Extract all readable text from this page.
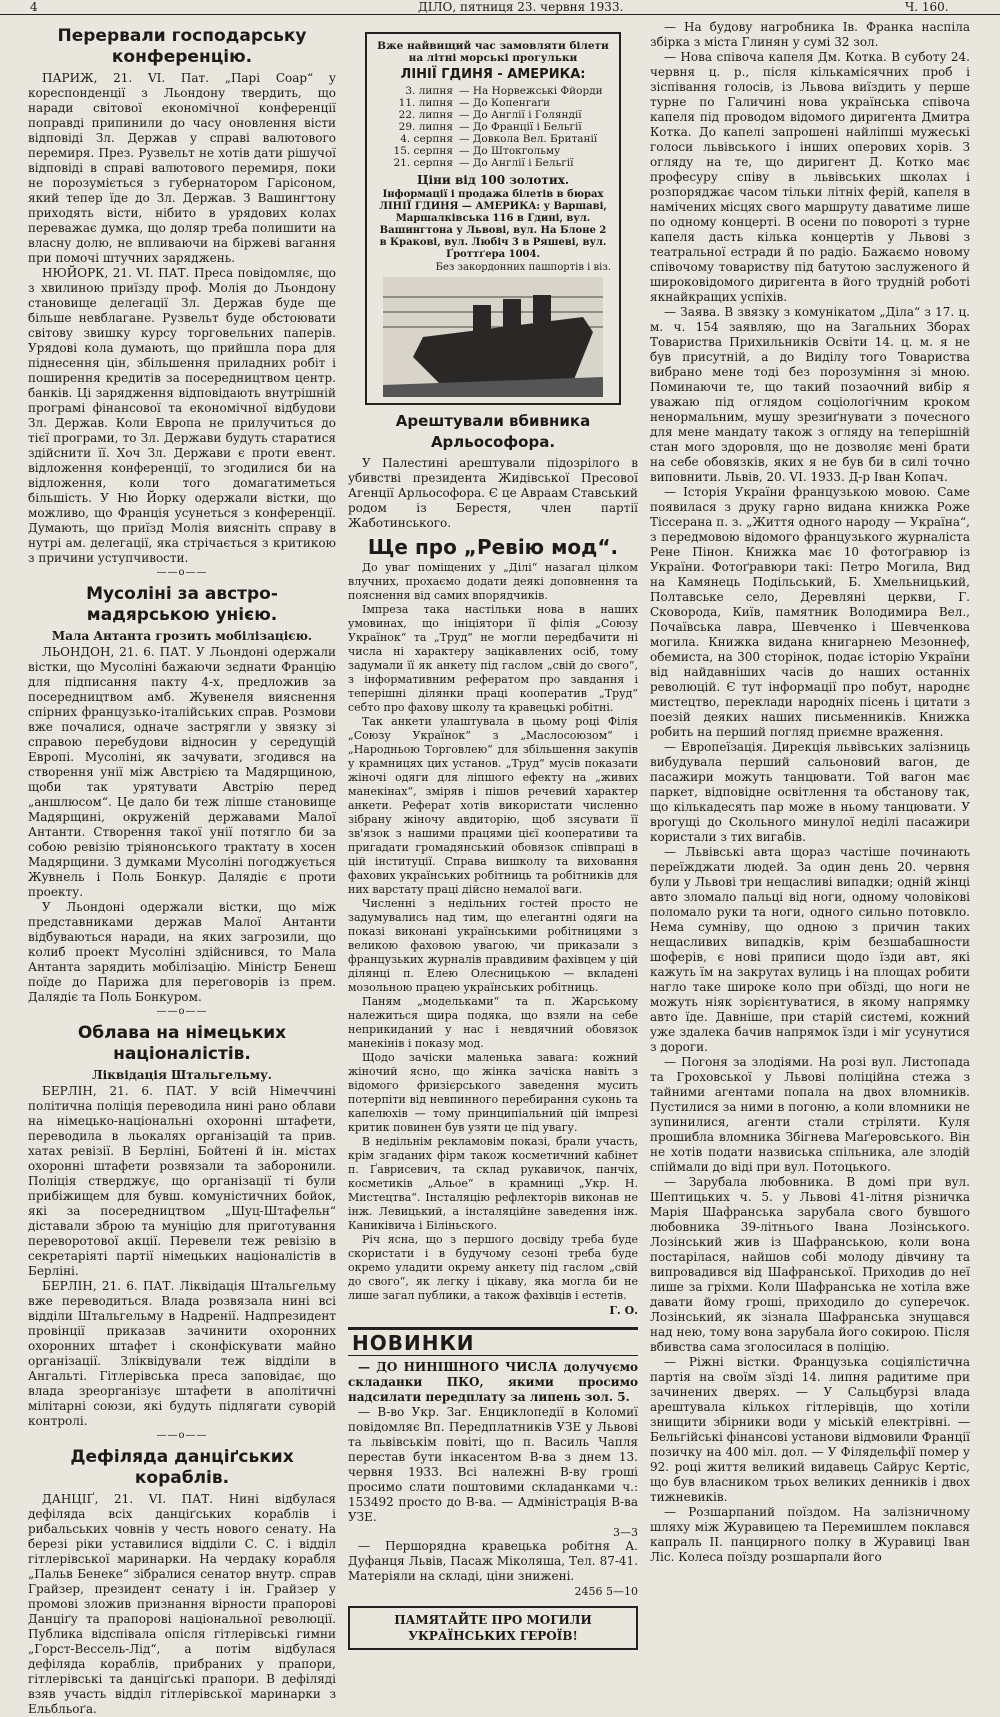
4	ДІЛО, пятниця 23. червня 1933.	Ч. 160.
Перервали господарську конференцію.

ПАРИЖ, 21. VI. Пат. „Парі Соар“ у кореспонденції з Льондону твердить, що наради світової економічної конференції поправді припинили до часу оновлення вісти відповіді Зл. Держав у справі валютового перемиря. През. Рузвельт не хотів дати рішучої відповіді в справі валютового перемиря, поки не порозуміється з губернатором Гарісоном, який тепер їде до Зл. Держав. З Вашингтону приходять вісти, нібито в урядових колах переважає думка, що доляр треба полишити на власну долю, не впливаючи на біржеві вагання при помочі штучних заряджень.

НЮЙОРК, 21. VI. ПАТ. Преса повідомляє, що з хвилиною приїзду проф. Молія до Льондону становище делегації Зл. Держав буде ще більше невблагане. Рузвельт буде обстоювати світову звишку курсу торговельних паперів. Урядові кола думають, що прийшла пора для піднесення цін, збільшення приладних робіт і поширення кредитів за посередництвом центр. банків. Ці зарядження відповідають внутрішній програмі фінансової та економічної відбудови Зл. Держав. Коли Европа не прилучиться до тієї програми, то Зл. Держави будуть старатися здійснити її. Хоч Зл. Держави є проти евент. відложення конференції, то згодилися би на відложення, коли того домагатиметься більшість. У Ню Йорку одержали вістки, що можливо, що Франція усунеться з конференції. Думають, що приїзд Молія виясніть справу в нутрі ам. делегації, яка стрічається з критикою з причини уступчивости.

——o——
Мусоліні за австро-мадярською унією.
Мала Антанта грозить мобілізацією.

ЛЬОНДОН, 21. 6. ПАТ. У Льондоні одержали вістки, що Мусоліні бажаючи зєднати Францію для підписання пакту 4-х, предложив за посередництвом амб. Жувенеля вияснення спірних французько-італійських справ. Розмови вже почалися, одначе застрягли у звязку зі справою перебудови відносин у середущій Европі. Мусоліні, як зачувати, згодився на створення унії між Австрією та Мадярщиною, щоби так урятувати Австрію перед „аншлюсом“. Це дало би теж ліпше становище Мадярщині, окруженій державами Малої Антанти. Створення такої унії потягло би за собою ревізію тріянонського трактату в хосен Мадярщини. З думками Мусоліні погоджується Жувнель і Поль Бонкур. Далядіє є проти проекту.

У Льондоні одержали вістки, що між представниками держав Малої Антанти відбуваються наради, на яких загрозили, що колиб проект Мусоліні здійснився, то Мала Антанта зарядить мобілізацію. Міністр Бенеш поїде до Парижа для переговорів із прем. Далядіє та Поль Бонкуром.

——o——
Облава на німецьких націоналістів.
Ліквідація Штальгельму.

БЕРЛІН, 21. 6. ПАТ. У всій Німеччині політична поліція переводила нині рано облави на німецько-національні охоронні штафети, переводила в льокалях організацій та прив. хатах ревізії. В Берліні, Бойтені й ін. містах охоронні штафети розвязали та заборонили. Поліція стверджує, що організації ті були прибіжищем для бувш. комуністичних бойок, які за посередництвом „Шуц-Штафельн“ діставали зброю та муніцію для приготування переворотової акції. Перевели теж ревізію в секретаріяті партії німецьких націоналістів в Берліні.

БЕРЛІН, 21. 6. ПАТ. Ліквідація Штальгельму вже переводиться. Влада розвязала нині всі відділи Штальгельму в Надренії. Надпрезидент провінції приказав зачинити охоронних охоронних штафет і сконфіскувати майно організації. Зліквідували теж відділи в Ангальті. Гітлерівська преса заповідає, що влада зреорганізує штафети в аполітичні мілітарні союзи, які будуть підлягати суворій контролі.

——o——
Дефіляда данціґських кораблів.

ДАНЦІҐ, 21. VI. ПАТ. Нині відбулася дефіляда всіх данціґських кораблів і рибальських човнів у честь нового сенату. На березі ріки уставилися відділи С. С. і відділ гітлерівської маринарки. На чердаку корабля „Пальв Бенеке“ зібралися сенатор внутр. справ Грайзер, президент сенату і ін. Грайзер у промові зложив признання вірности прапорові Данціґу та прапорові національної революції. Публика відспівала опісля гітлерівські гимни „Горст-Вессель-Лід“, а потім відбулася дефіляда кораблів, прибраних у прапори, гітлерівські та данціґські прапори. В дефіляді взяв участь відділ гітлерівської маринарки з Ельбльоґа.

Вже найвищий час замовляти білети на літні морські прогульки
ЛІНІЇ ГДИНЯ - АМЕРИКА:
3. липня — На Норвежські Фйорди
11. липня — До Копенгаґи
22. липня — До Англії і Голяндії
29. липня — До Франції і Бельгії
4. серпня — Довкола Вел. Британії
15. серпня — До Штокгольму
21. серпня — До Англії і Бельгії
Ціни від 100 золотих.
Інформації і продажа білетів в бюрах ЛІНІЇ ГДИНЯ — АМЕРИКА: у Варшаві, Маршалківська 116 в Гдині, вул. Вашингтона у Львові, вул. На Блоне 2 в Кракові, вул. Любіч 3 в Ряшеві, вул. Ґроттґера 1004.
Без закордонних пашпортів і віз.
Арештували вбивника Арльософора.

У Палестині арештували підозрілого в убивстві президента Жидівської Пресової Агенції Арльософора. Є це Авраам Ставський родом із Берестя, член партії Жаботинського.

Ще про „Ревію мод“.

До уваг поміщених у „Ділі“ назагал цілком влучних, прохаємо додати деякі доповнення та пояснення від самих впорядчиків.

Імпреза така настільки нова в наших умовинах, що ініціятори її філія „Союзу Українок“ та „Труд“ не могли передбачити ні числа ні характеру зацікавлених осіб, тому задумали її як анкету під гаслом „свій до свого“, з інформативним рефератом про завдання і теперішні ділянки праці кооператив „Труд“ себто про фахову школу та кравецькі робітні.

Так анкети улаштувала в цьому році Філія „Союзу Українок“ з „Маслосоюзом“ і „Народньою Торговлею“ для збільшення закупів у крамницях цих установ. „Труд“ мусів показати жіночі одяги для ліпшого ефекту на „живих манекінах“, зміряв і пішов речевий характер анкети. Реферат хотів використати численно зібрану жіночу авдиторію, щоб зясувати її зв'язок з нашими працями цієї кооперативи та пригадати громадянський обовязок співпраці в цій інституції. Справа вишколу та виховання фахових українських робітниць та робітників для них варстату праці дійсно немалої ваги.

Численні з недільних гостей просто не задумувались над тим, що елегантні одяги на показі виконані українськими робітницями з великою фаховою увагою, чи приказали з французьких журналів правдивим фахівцем у цій ділянці п. Елею Олесницькою — вкладені мозольною працею українських робітниць.

Паням „модельками“ та п. Жарському належиться щира подяка, що взяли на себе неприкиданий у нас і невдячний обовязок манекінів і показу мод.

Щодо зачіски маленька завага: кожний жіночий ясно, що жінка зачіска навіть з відомого фризієрського заведення мусить потерпіти від невпинного перебирання суконь та капелюхів — тому принципіальний цій імпрезі критик повинен був узяти це під увагу.

В недільнім рекламовім показі, брали участь, крім згаданих фірм також косметичний кабінет п. Ґаврисевич, та склад рукавичок, панчіх, косметиків „Альое“ в крамниці „Укр. Н. Мистецтва“. Інсталяцію рефлекторів виконав не інж. Левицький, а інсталяційне заведення інж. Каниківича і Біліньского.

Річ ясна, що з першого досвіду треба буде скористати і в будучому сезоні треба буде окремо уладити окрему анкету під гаслом „свій до свого“, як легку і цікаву, яка могла би не лише загал публики, а також фахівців і естетів.

Г. О.
НОВИНКИ

— ДО НИНІШНОГО ЧИСЛА долучуємо складанки ПКО, якими просимо надсилати передплату за липень зол. 5.

— В-во Укр. Заг. Енциклопедії в Коломиї повідомляє Вп. Передплатників УЗЕ у Львові та львівськім повіті, що п. Василь Чапля перестав бути інкасентом В-ва з днем 13. червня 1933. Всі належні В-ву гроші просимо слати поштовими складанками ч.: 153492 просто до В-ва. — Адміністрація В-ва УЗЕ.

3—3

— Першорядна кравецька робітня А. Дуфанця Львів, Пасаж Міколяша, Тел. 87-41. Матеріяли на складі, ціни знижені.

2456 5—10
ПАМЯТАЙТЕ ПРО МОГИЛИ УКРАЇНСЬКИХ ГЕРОЇВ!

— На будову нагробника Ів. Франка наспіла збірка з міста Глинян у сумі 32 зол.

— Нова співоча капеля Дм. Котка. В суботу 24. червня ц. р., після кількамісячних проб і зіспівання голосів, із Львова виїздить у перше турне по Галичині нова українська співоча капеля під проводом відомого диригента Дмитра Котка. До капелі запрошені найліпші мужеські голоси львівського і інших оперових хорів. З огляду на те, що диригент Д. Котко має професуру співу в львівських школах і розпоряджає часом тільки літніх ферій, капеля в намічених місцях свого маршруту даватиме лише по одному концерті. В осени по повороті з турне капеля дасть кілька концертів у Львові з театральної естради й по радіо. Бажаємо новому співочому товариству під батутою заслуженого й широковідомого диригента в його трудній роботі якнайкращих успіхів.

— Заява. В звязку з комунікатом „Діла“ з 17. ц. м. ч. 154 заявляю, що на Загальних Зборах Товариства Прихильників Освіти 14. ц. м. я не був присутній, а до Виділу того Товариства вибрано мене тоді без порозуміння зі мною. Поминаючи те, що такий позаочний вибір я уважаю під оглядом соціологічним кроком ненормальним, мушу зрезиґнувати з почесного для мене мандату також з огляду на теперішній стан мого здоровля, що не дозволяє мені брати на себе обовязків, яких я не був би в силі точно виповнити. Львів, 20. VI. 1933. Д-р Іван Копач.

— Історія України французькою мовою. Саме появилася з друку гарно видана книжка Роже Тіссерана п. з. „Життя одного народу — Україна“, з передмовою відомого французького журналіста Рене Пінон. Книжка має 10 фотоґравюр із України. Фотоґравюри такі: Петро Могила, Вид на Камянець Подільський, Б. Хмельницький, Полтавське село, Деревляні церкви, Г. Сковорода, Київ, памятник Володимира Вел., Почаївська лавра, Шевченко і Шевченкова могила. Книжка видана книгарнею Мезоннеф, обемиста, на 300 сторінок, подає історію України від найдавніших часів до наших останніх революцій. Є тут інформації про побут, народнє мистецтво, переклади народніх пісень і цитати з поезій деяких наших письменників. Книжка робить на перший погляд приємне враження.

— Европеїзація. Дирекція львівських залізниць вибудувала перший сальоновий вагон, де пасажири можуть танцювати. Той вагон має паркет, відповідне освітлення та обстанову так, що кількадесять пар може в ньому танцювати. У врогущі до Скольного минулої неділі пасажири користали з тих вигабів.

— Львівські авта щораз частіше починають переїжджати людей. За один день 20. червня були у Львові три нещасливі випадки; одній жінці авто зломало пальці від ноги, одному чоловікові поломало руки та ноги, одного сильно потовкло. Нема сумніву, що одною з причин таких нещасливих випадків, крім безшабашности шоферів, є нові приписи щодо їзди авт, які кажуть їм на закрутах вулиць і на площах робити нагло таке широке коло при обїзді, що ноги не можуть ніяк зорієнтуватися, в якому напрямку авто їде. Давніше, при старій системі, кожний уже здалека бачив напрямок їзди і міг усунутися з дороги.

— Погоня за злодіями. На розі вул. Листопада та Гроховської у Львові поліційна стежа з тайними агентами попала на двох вломників. Пустилися за ними в погоню, а коли вломники не зупинилися, агенти стали стріляти. Куля прошибла вломника Збігнева Маґеровського. Він не хотів подати назвиська спільника, але злодій спіймали до віді при вул. Потоцького.

— Зарубала любовника. В домі при вул. Шептицьких ч. 5. у Львові 41-літня різничка Марія Шафранська зарубала свого бувшого любовника 39-літнього Івана Лозінського. Лозінський жив із Шафранською, коли вона постарілася, найшов собі молоду дівчину та випровадився від Шафранської. Приходив до неї лише за гріхми. Коли Шафранська не хотіла вже давати йому гроші, приходило до суперечок. Лозінський, як зізнала Шафранська знущався над нею, тому вона зарубала його сокирою. Після вбивства сама зголосилася в поліцію.

— Ріжні вістки. Французька соціялістична партія на своїм зїзді 14. липня радитиме при зачинених дверях. — У Сальцбурзі влада арештувала кількох гітлерівців, що хотіли знищити збірники води у міській електрівні. — Бельгійські фінансові установи відмовили Франції позичку на 400 міл. дол. — У Філядельфії помер у 92. році життя великий видавець Сайрус Кертіс, що був власником трьох великих денників і двох тижневиків.

— Розшарпаний поїздом. На залізничному шляху між Журавицею та Перемишлем поклався капраль II. панцирного полку в Журавиці Іван Ліс. Колеса поїзду розшарпали його
